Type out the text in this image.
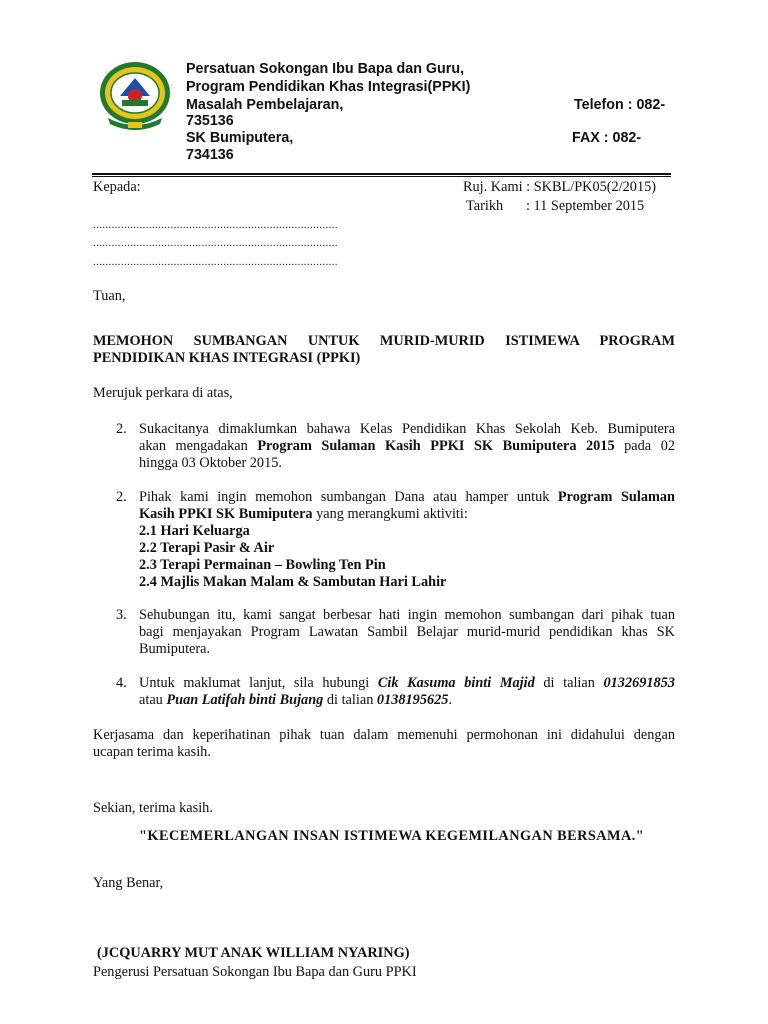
Persatuan Sokongan Ibu Bapa dan Guru,
Program Pendidikan Khas Integrasi(PPKI)
Masalah Pembelajaran,	Telefon : 082-
735136
SK Bumiputera,	FAX : 082-
734136
Kepada:	Ruj. Kami : SKBL/PK05(2/2015)
Tarikh : 11 September 2015
...............................................................................
...............................................................................
...............................................................................
Tuan,
MEMOHON SUMBANGAN UNTUK MURID-MURID ISTIMEWA PROGRAM
PENDIDIKAN KHAS INTEGRASI (PPKI)
Merujuk perkara di atas,
2. Sukacitanya dimaklumkan bahawa Kelas Pendidikan Khas Sekolah Keb. Bumiputera
akan mengadakan Program Sulaman Kasih PPKI SK Bumiputera 2015 pada 02
hingga 03 Oktober 2015.
2. Pihak kami ingin memohon sumbangan Dana atau hamper untuk Program Sulaman
Kasih PPKI SK Bumiputera yang merangkumi aktiviti:
2.1 Hari Keluarga
2.2 Terapi Pasir & Air
2.3 Terapi Permainan – Bowling Ten Pin
2.4 Majlis Makan Malam & Sambutan Hari Lahir
3. Sehubungan itu, kami sangat berbesar hati ingin memohon sumbangan dari pihak tuan
bagi menjayakan Program Lawatan Sambil Belajar murid-murid pendidikan khas SK
Bumiputera.
4. Untuk maklumat lanjut, sila hubungi Cik Kasuma binti Majid di talian 0132691853
atau Puan Latifah binti Bujang di talian 0138195625.
Kerjasama dan keperihatinan pihak tuan dalam memenuhi permohonan ini didahului dengan
ucapan terima kasih.
Sekian, terima kasih.
"KECEMERLANGAN INSAN ISTIMEWA KEGEMILANGAN BERSAMA."
Yang Benar,
(JCQUARRY MUT ANAK WILLIAM NYARING)
Pengerusi Persatuan Sokongan Ibu Bapa dan Guru PPKI
